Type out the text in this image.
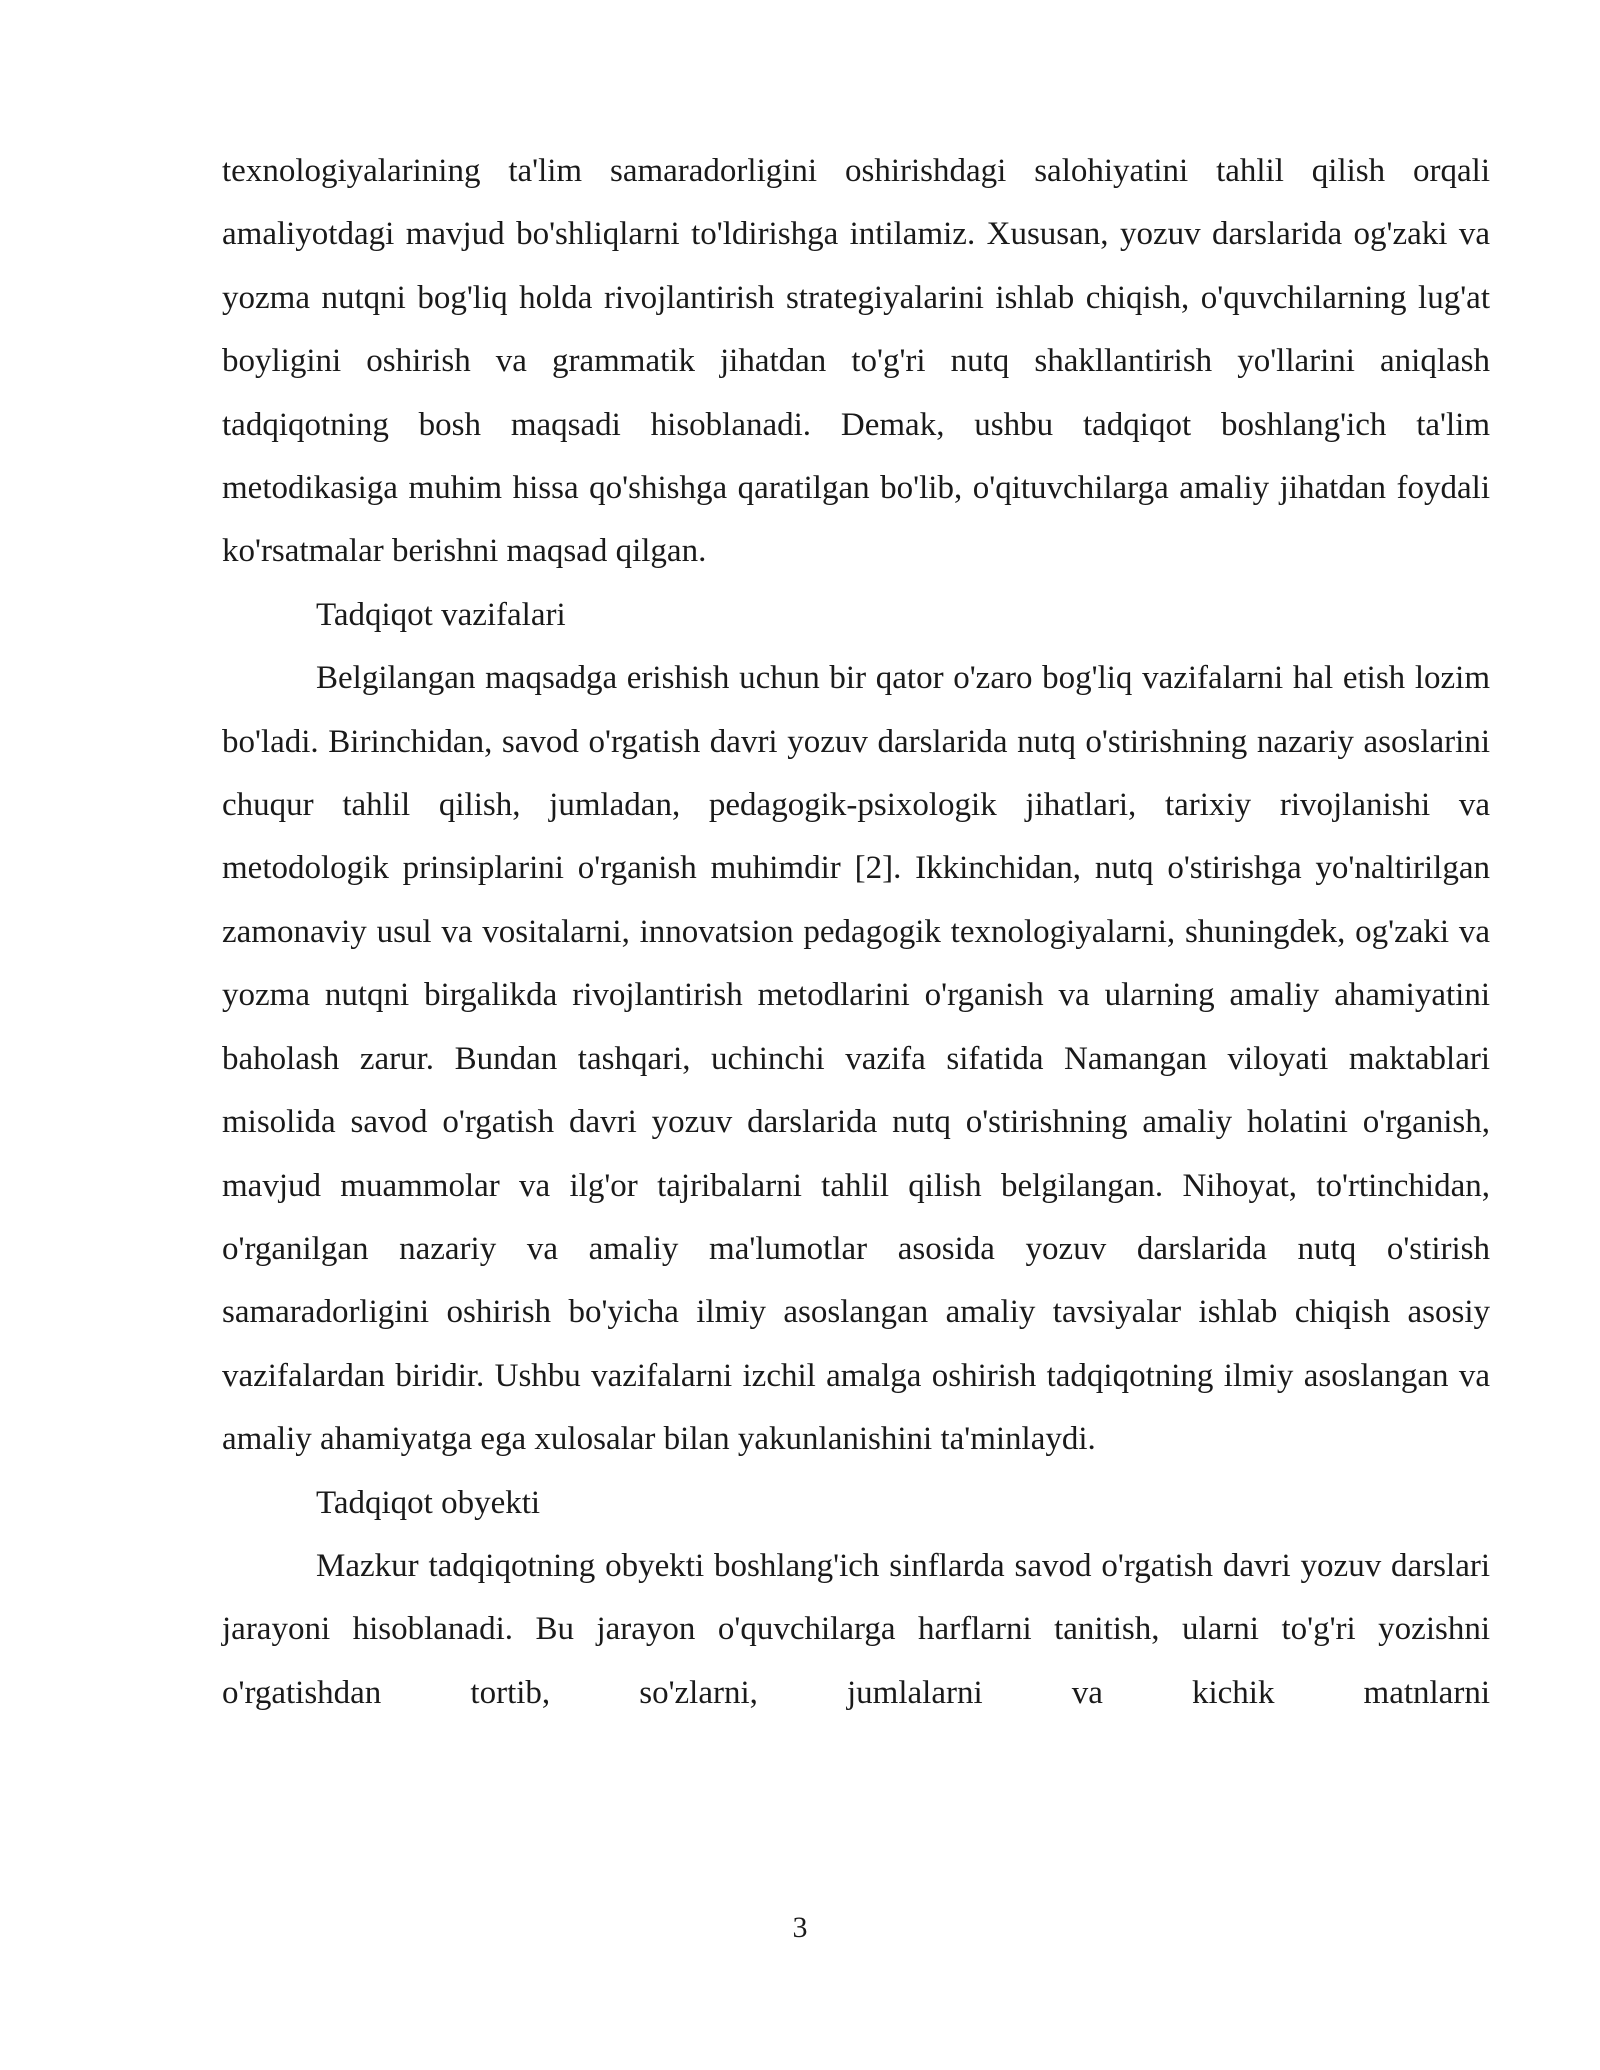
texnologiyalarining ta'lim samaradorligini oshirishdagi salohiyatini tahlil qilish orqali amaliyotdagi mavjud bo'shliqlarni to'ldirishga intilamiz. Xususan, yozuv darslarida og'zaki va yozma nutqni bog'liq holda rivojlantirish strategiyalarini ishlab chiqish, o'quvchilarning lug'at boyligini oshirish va grammatik jihatdan to'g'ri nutq shakllantirish yo'llarini aniqlash tadqiqotning bosh maqsadi hisoblanadi. Demak, ushbu tadqiqot boshlang'ich ta'lim metodikasiga muhim hissa qo'shishga qaratilgan bo'lib, o'qituvchilarga amaliy jihatdan foydali ko'rsatmalar berishni maqsad qilgan.

Tadqiqot vazifalari

Belgilangan maqsadga erishish uchun bir qator o'zaro bog'liq vazifalarni hal etish lozim bo'ladi. Birinchidan, savod o'rgatish davri yozuv darslarida nutq o'stirishning nazariy asoslarini chuqur tahlil qilish, jumladan, pedagogik-psixologik jihatlari, tarixiy rivojlanishi va metodologik prinsiplarini o'rganish muhimdir [2]. Ikkinchidan, nutq o'stirishga yo'naltirilgan zamonaviy usul va vositalarni, innovatsion pedagogik texnologiyalarni, shuningdek, og'zaki va yozma nutqni birgalikda rivojlantirish metodlarini o'rganish va ularning amaliy ahamiyatini baholash zarur. Bundan tashqari, uchinchi vazifa sifatida Namangan viloyati maktablari misolida savod o'rgatish davri yozuv darslarida nutq o'stirishning amaliy holatini o'rganish, mavjud muammolar va ilg'or tajribalarni tahlil qilish belgilangan. Nihoyat, to'rtinchidan, o'rganilgan nazariy va amaliy ma'lumotlar asosida yozuv darslarida nutq o'stirish samaradorligini oshirish bo'yicha ilmiy asoslangan amaliy tavsiyalar ishlab chiqish asosiy vazifalardan biridir. Ushbu vazifalarni izchil amalga oshirish tadqiqotning ilmiy asoslangan va amaliy ahamiyatga ega xulosalar bilan yakunlanishini ta'minlaydi.

Tadqiqot obyekti

Mazkur tadqiqotning obyekti boshlang'ich sinflarda savod o'rgatish davri yozuv darslari jarayoni hisoblanadi. Bu jarayon o'quvchilarga harflarni tanitish, ularni to'g'ri yozishni o'rgatishdan tortib, so'zlarni, jumlalarni va kichik matnlarni

3
